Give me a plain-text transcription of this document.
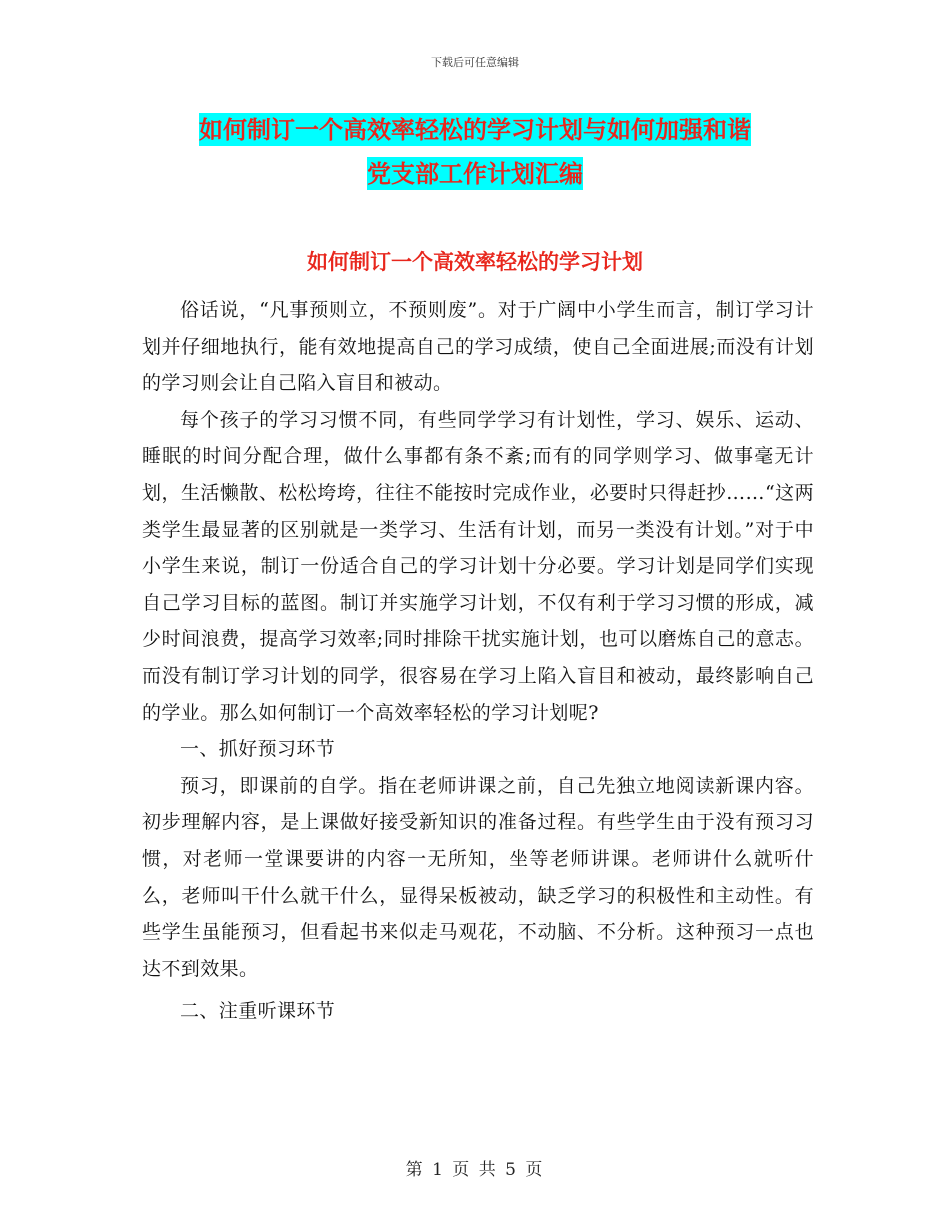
下载后可任意编辑
如何制订一个高效率轻松的学习计划与如何加强和谐
党支部工作计划汇编
如何制订一个高效率轻松的学习计划

俗话说，“凡事预则立，不预则废”。对于广阔中小学生而言，制订学习计划并仔细地执行，能有效地提高自己的学习成绩，使自己全面进展;而没有计划的学习则会让自己陷入盲目和被动。

每个孩子的学习习惯不同，有些同学学习有计划性，学习、娱乐、运动、睡眠的时间分配合理，做什么事都有条不紊;而有的同学则学习、做事毫无计划，生活懒散、松松垮垮，往往不能按时完成作业，必要时只得赶抄……“这两类学生最显著的区别就是一类学习、生活有计划，而另一类没有计划。”对于中小学生来说，制订一份适合自己的学习计划十分必要。学习计划是同学们实现自己学习目标的蓝图。制订并实施学习计划，不仅有利于学习习惯的形成，减少时间浪费，提高学习效率;同时排除干扰实施计划，也可以磨炼自己的意志。而没有制订学习计划的同学，很容易在学习上陷入盲目和被动，最终影响自己的学业。那么如何制订一个高效率轻松的学习计划呢?

一、抓好预习环节

预习，即课前的自学。指在老师讲课之前，自己先独立地阅读新课内容。初步理解内容，是上课做好接受新知识的准备过程。有些学生由于没有预习习惯，对老师一堂课要讲的内容一无所知，坐等老师讲课。老师讲什么就听什么，老师叫干什么就干什么，显得呆板被动，缺乏学习的积极性和主动性。有些学生虽能预习，但看起书来似走马观花，不动脑、不分析。这种预习一点也达不到效果。

二、注重听课环节

第 1 页 共 5 页
